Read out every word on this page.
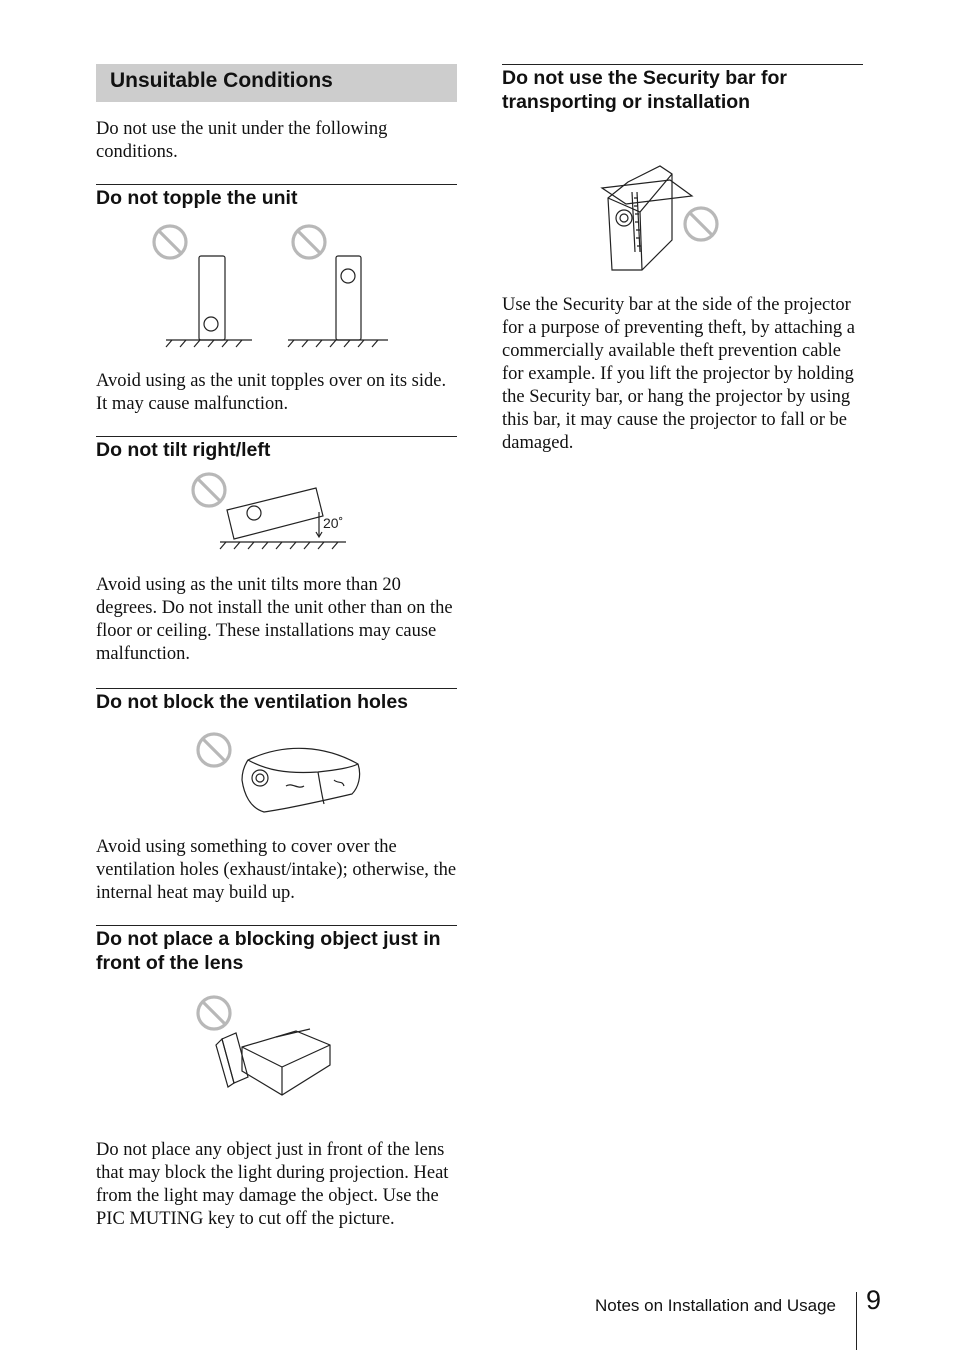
Unsuitable Conditions

Do not use the unit under the following conditions.

Do not topple the unit

Avoid using as the unit topples over on its side. It may cause malfunction.

Do not tilt right/left
20˚

Avoid using as the unit tilts more than 20 degrees. Do not install the unit other than on the floor or ceiling. These installations may cause malfunction.

Do not block the ventilation holes

Avoid using something to cover over the ventilation holes (exhaust/intake); otherwise, the internal heat may build up.

Do not place a blocking object just in front of the lens

Do not place any object just in front of the lens that may block the light during projection. Heat from the light may damage the object. Use the PIC MUTING key to cut off the picture.

Do not use the Security bar for transporting or installation

Use the Security bar at the side of the projector for a purpose of preventing theft, by attaching a commercially available theft prevention cable for example. If you lift the projector by holding the Security bar, or hang the projector by using this bar, it may cause the projector to fall or be damaged.

Notes on Installation and Usage 9
